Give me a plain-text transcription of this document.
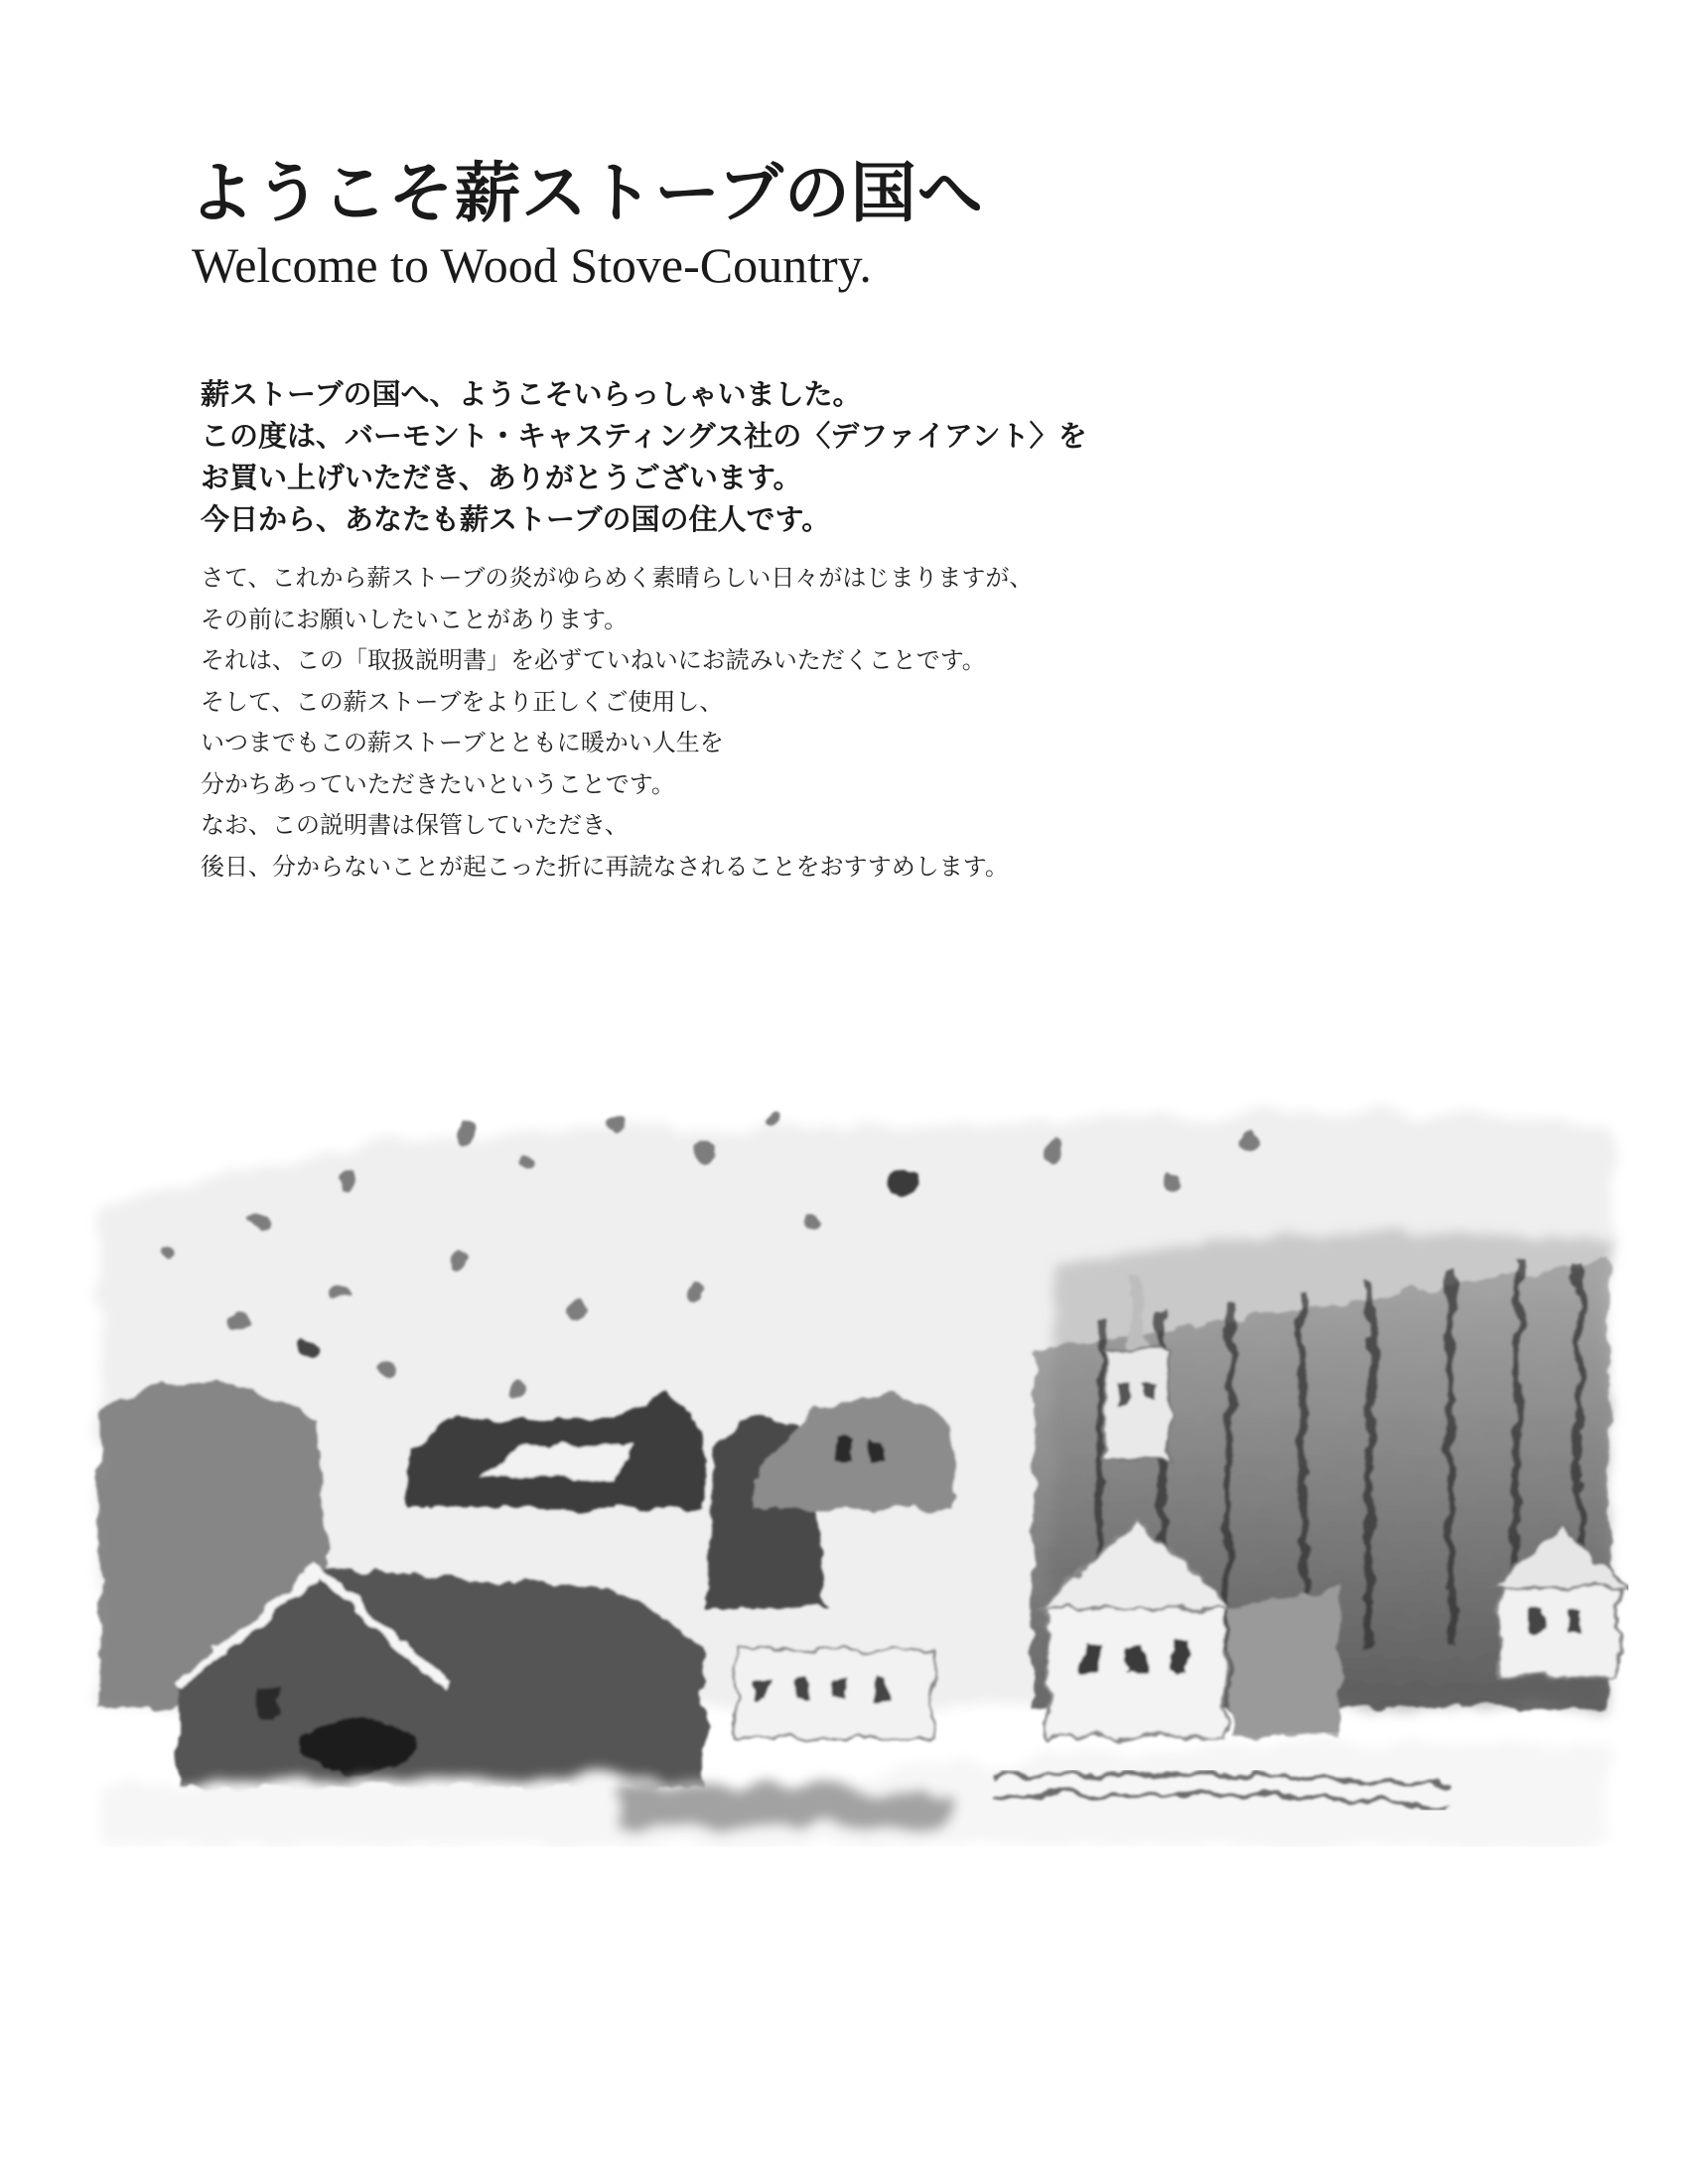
ようこそ薪ストーブの国へ
Welcome to Wood Stove-Country.
薪ストーブの国へ、ようこそいらっしゃいました。
この度は、バーモント・キャスティングス社の〈デファイアント〉を
お買い上げいただき、ありがとうございます。
今日から、あなたも薪ストーブの国の住人です。
さて、これから薪ストーブの炎がゆらめく素晴らしい日々がはじまりますが、
その前にお願いしたいことがあります。
それは、この「取扱説明書」を必ずていねいにお読みいただくことです。
そして、この薪ストーブをより正しくご使用し、
いつまでもこの薪ストーブとともに暖かい人生を
分かちあっていただきたいということです。
なお、この説明書は保管していただき、
後日、分からないことが起こった折に再読なされることをおすすめします。
